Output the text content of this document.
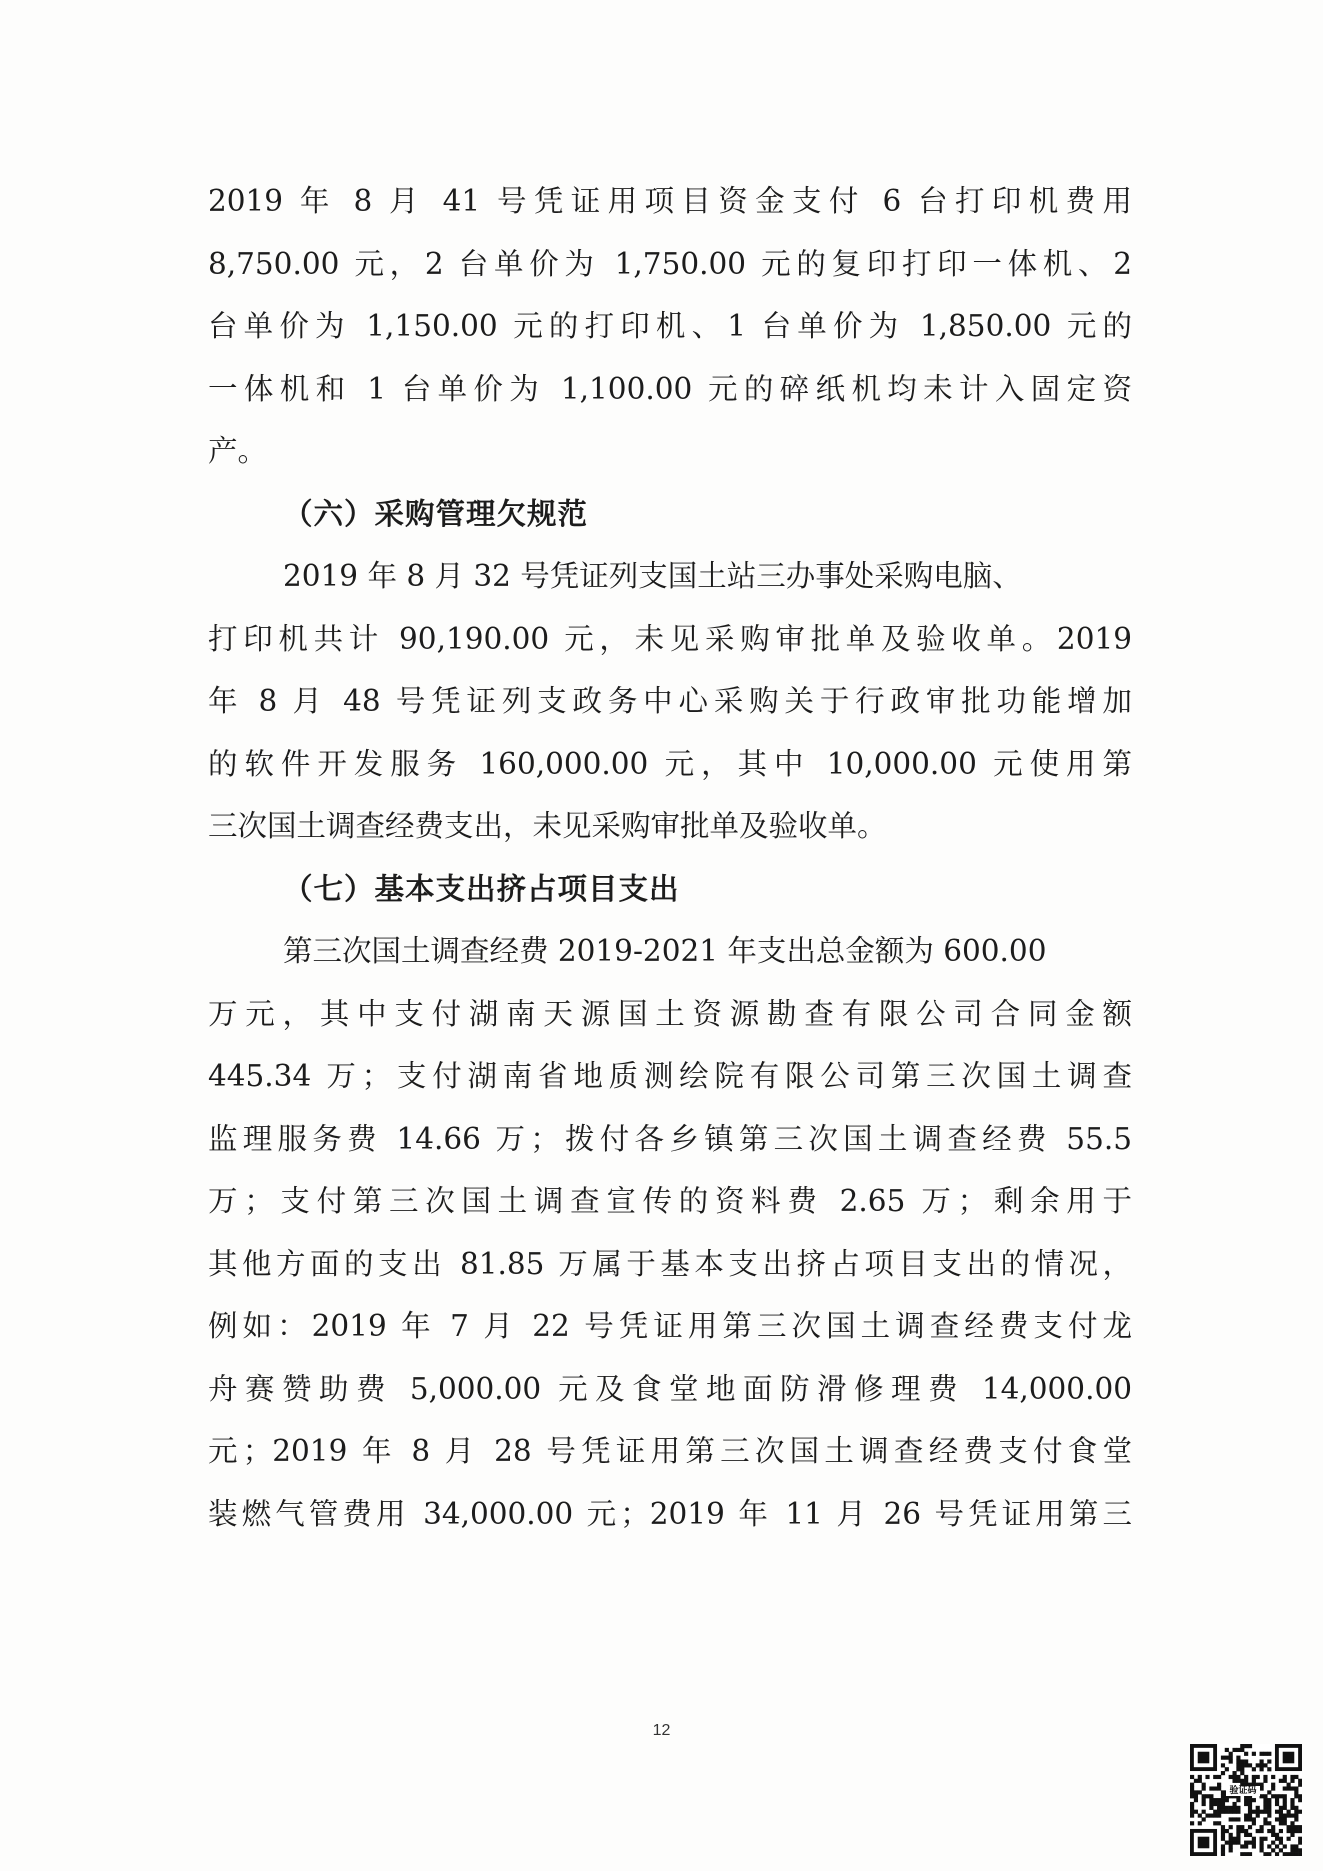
2019 年 8 月 41 号凭证用项目资金支付 6 台打印机费用
8,750.00 元，2 台单价为 1,750.00 元的复印打印一体机、2
台单价为 1,150.00 元的打印机、1 台单价为 1,850.00 元的
一体机和 1 台单价为 1,100.00 元的碎纸机均未计入固定资
产。
（六）采购管理欠规范
2019 年 8 月 32 号凭证列支国土站三办事处采购电脑、
打印机共计 90,190.00 元，未见采购审批单及验收单。2019
年 8 月 48 号凭证列支政务中心采购关于行政审批功能增加
的软件开发服务 160,000.00 元，其中 10,000.00 元使用第
三次国土调查经费支出，未见采购审批单及验收单。
（七）基本支出挤占项目支出
第三次国土调查经费 2019-2021 年支出总金额为 600.00
万元，其中支付湖南天源国土资源勘查有限公司合同金额
445.34 万；支付湖南省地质测绘院有限公司第三次国土调查
监理服务费 14.66 万；拨付各乡镇第三次国土调查经费 55.5
万；支付第三次国土调查宣传的资料费 2.65 万；剩余用于
其他方面的支出 81.85 万属于基本支出挤占项目支出的情况，
例如：2019 年 7 月 22 号凭证用第三次国土调查经费支付龙
舟赛赞助费 5,000.00 元及食堂地面防滑修理费 14,000.00
元；2019 年 8 月 28 号凭证用第三次国土调查经费支付食堂
装燃气管费用 34,000.00 元；2019 年 11 月 26 号凭证用第三
12
验证码
